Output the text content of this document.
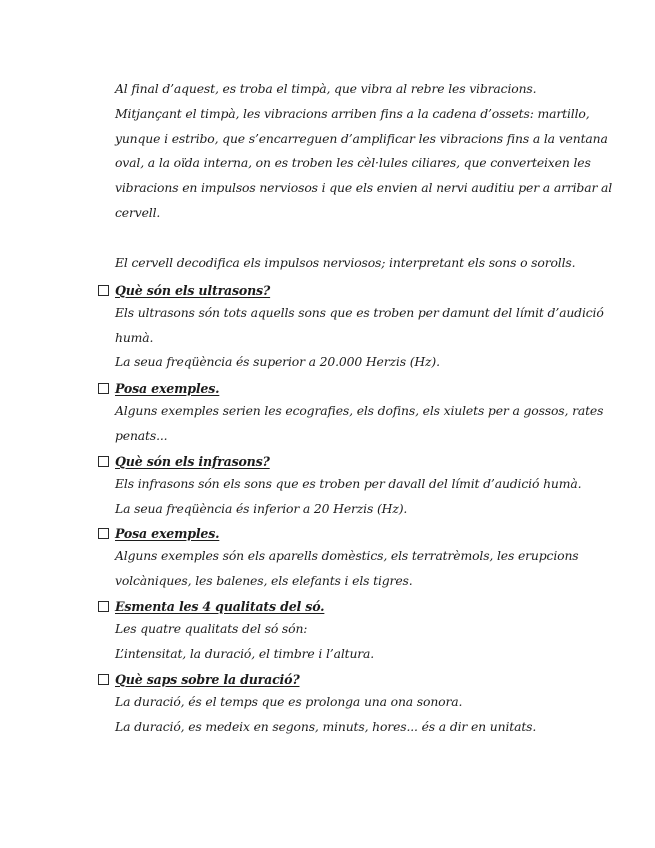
Al final d’aquest, es troba el timpà, que vibra al rebre les vibracions.
Mitjançant el timpà, les vibracions arriben fins a la cadena d’ossets: martillo,
yunque i estribo, que s’encarreguen d’amplificar les vibracions fins a la ventana
oval, a la oïda interna, on es troben les cèl·lules ciliares, que converteixen les
vibracions en impulsos nerviosos i que els envien al nervi auditiu per a arribar al
cervell.
El cervell decodifica els impulsos nerviosos; interpretant els sons o sorolls.
Què són els ultrasons?
Els ultrasons són tots aquells sons que es troben per damunt del límit d’audició
humà.
La seua freqüència és superior a 20.000 Herzis (Hz).
Posa exemples.
Alguns exemples serien les ecografies, els dofins, els xiulets per a gossos, rates
penats...
Què són els infrasons?
Els infrasons són els sons que es troben per davall del límit d’audició humà.
La seua freqüència és inferior a 20 Herzis (Hz).
Posa exemples.
Alguns exemples són els aparells domèstics, els terratrèmols, les erupcions
volcàniques, les balenes, els elefants i els tigres.
Esmenta les 4 qualitats del só.
Les quatre qualitats del só són:
L’intensitat, la duració, el timbre i l’altura.
Què saps sobre la duració?
La duració, és el temps que es prolonga una ona sonora.
La duració, es medeix en segons, minuts, hores... és a dir en unitats.
